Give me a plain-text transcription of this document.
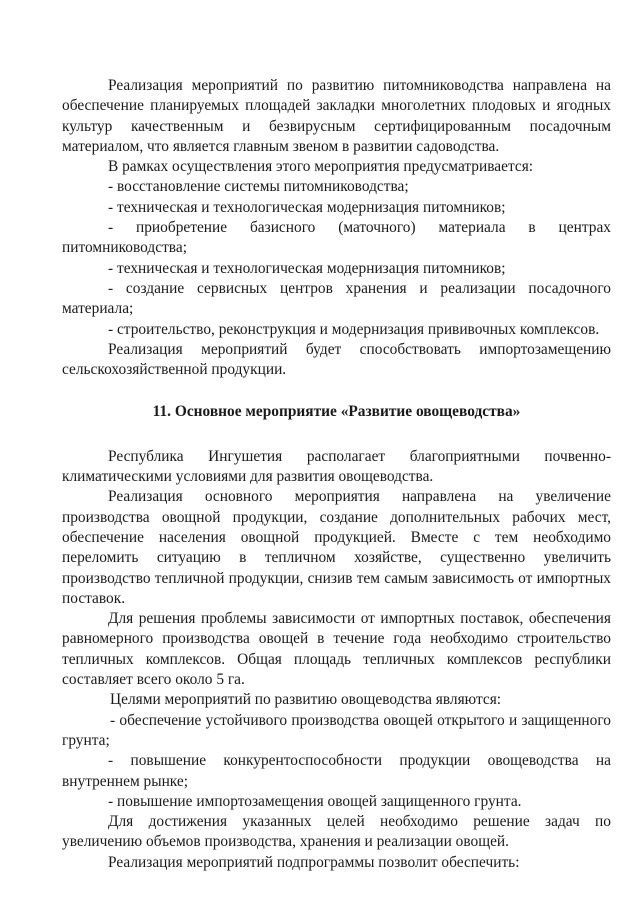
Реализация мероприятий по развитию питомниководства направлена на обеспечение планируемых площадей закладки многолетних плодовых и ягодных культур качественным и безвирусным сертифицированным посадочным материалом, что является главным звеном в развитии садоводства.

В рамках осуществления этого мероприятия предусматривается:

- восстановление системы питомниководства;

- техническая и технологическая модернизация питомников;

- приобретение базисного (маточного) материала в центрах питомниководства;

- техническая и технологическая модернизация питомников;

- создание сервисных центров хранения и реализации посадочного материала;

- строительство, реконструкция и модернизация прививочных комплексов.

Реализация мероприятий будет способствовать импортозамещению сельскохозяйственной продукции.

11. Основное мероприятие «Развитие овощеводства»

Республика Ингушетия располагает благоприятными почвенно-климатическими условиями для развития овощеводства.

Реализация основного мероприятия направлена на увеличение производства овощной продукции, создание дополнительных рабочих мест, обеспечение населения овощной продукцией. Вместе с тем необходимо переломить ситуацию в тепличном хозяйстве, существенно увеличить производство тепличной продукции, снизив тем самым зависимость от импортных поставок.

Для решения проблемы зависимости от импортных поставок, обеспечения равномерного производства овощей в течение года необходимо строительство тепличных комплексов. Общая площадь тепличных комплексов республики составляет всего около 5 га.

Целями мероприятий по развитию овощеводства являются:

- обеспечение устойчивого производства овощей открытого и защищенного грунта;

- повышение конкурентоспособности продукции овощеводства на внутреннем рынке;

- повышение импортозамещения овощей защищенного грунта.

Для достижения указанных целей необходимо решение задач по увеличению объемов производства, хранения и реализации овощей.

Реализация мероприятий подпрограммы позволит обеспечить:
